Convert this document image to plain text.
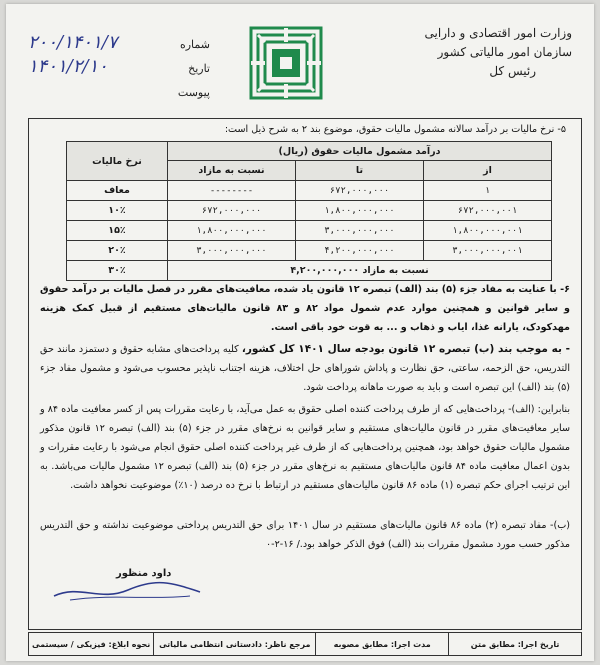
وزارت امور اقتصادی و دارایی
سازمان امور مالیاتی کشور
رئیس کل
شماره
۲۰۰/۱۴۰۱/۷
تاریخ
۱۴۰۱/۲/۱۰
پیوست
۵- نرخ مالیات بر درآمد سالانه مشمول مالیات حقوق، موضوع بند ۲ به شرح ذیل است:
درآمد مشمول مالیات حقوق (ریال)			نرخ مالیات
از	تا	نسبت به مازاد	
۱	۶۷۲,۰۰۰,۰۰۰	--------	معاف
۶۷۲,۰۰۰,۰۰۱	۱,۸۰۰,۰۰۰,۰۰۰	۶۷۲,۰۰۰,۰۰۰	۱۰٪
۱,۸۰۰,۰۰۰,۰۰۱	۳,۰۰۰,۰۰۰,۰۰۰	۱,۸۰۰,۰۰۰,۰۰۰	۱۵٪
۳,۰۰۰,۰۰۰,۰۰۱	۴,۲۰۰,۰۰۰,۰۰۰	۳,۰۰۰,۰۰۰,۰۰۰	۲۰٪
نسبت به مازاد ۴,۲۰۰,۰۰۰,۰۰۰			۳۰٪
۶- با عنایت به مفاد جزء (۵) بند (الف) تبصره ۱۲ قانون یاد شده، معافیت‌های مقرر در فصل مالیات بر درآمد حقوق و سایر قوانین و همچنین موارد عدم شمول مواد ۸۲ و ۸۳ قانون مالیات‌های مستقیم از قبیل کمک هزینه مهدکودک، یارانه غذا، ایاب و ذهاب و ... به قوت خود باقی است.
- به موجب بند (ب) تبصره ۱۲ قانون بودجه سال ۱۴۰۱ کل کشور، کلیه پرداخت‌های مشابه حقوق و دستمزد مانند حق التدریس، حق الزحمه، ساعتی، حق نظارت و پاداش شوراهای حل اختلاف، هزینه اجتناب ناپذیر محسوب می‌شود و مشمول مفاد جزء (۵) بند (الف) این تبصره است و باید به صورت ماهانه پرداخت شود.
بنابراین: (الف)- پرداخت‌هایی که از طرف پرداخت کننده اصلی حقوق به عمل می‌آید، با رعایت مقررات پس از کسر معافیت ماده ۸۴ و سایر معافیت‌های مقرر در قانون مالیات‌های مستقیم و سایر قوانین به نرخ‌های مقرر در جزء (۵) بند (الف) تبصره ۱۲ قانون مذکور مشمول مالیات حقوق خواهد بود، همچنین پرداخت‌هایی که از طرف غیر پرداخت کننده اصلی حقوق انجام می‌شود با رعایت مقررات و بدون اعمال معافیت ماده ۸۴ قانون مالیات‌های مستقیم به نرخ‌های مقرر در جزء (۵) بند (الف) تبصره ۱۲ مشمول مالیات می‌باشد. به این ترتیب اجرای حکم تبصره (۱) ماده ۸۶ قانون مالیات‌های مستقیم در ارتباط با نرخ ده درصد (۱۰٪) موضوعیت نخواهد داشت.
(ب)- مفاد تبصره (۲) ماده ۸۶ قانون مالیات‌های مستقیم در سال ۱۴۰۱ برای حق التدریس پرداختی موضوعیت نداشته و حق التدریس مذکور حسب مورد مشمول مقررات بند (الف) فوق الذکر خواهد بود./ ۱۶-۲-۰
داود منظور
تاریخ اجرا: مطابق متن
مدت اجرا: مطابق مصوبه
مرجع ناظر: دادستانی انتظامی مالیاتی
نحوه ابلاغ: فیزیکی / سیستمی
